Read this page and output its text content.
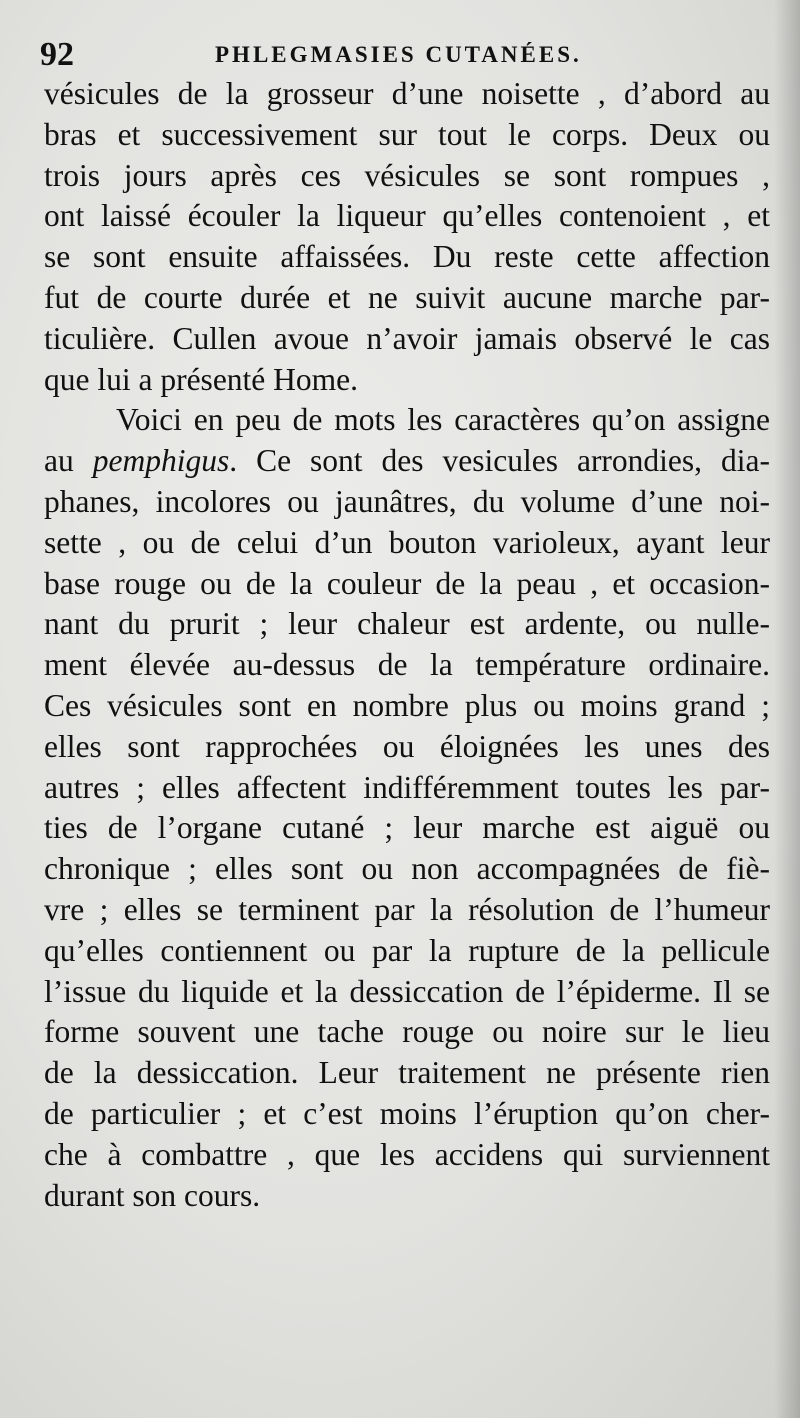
92	PHLEGMASIES CUTANÉES.
vésicules de la grosseur d’une noisette , d’abord au
bras et successivement sur tout le corps. Deux ou
trois jours après ces vésicules se sont rompues ,
ont laissé écouler la liqueur qu’elles contenoient , et
se sont ensuite affaissées. Du reste cette affection
fut de courte durée et ne suivit aucune marche par-
ticulière. Cullen avoue n’avoir jamais observé le cas
que lui a présenté Home.
Voici en peu de mots les caractères qu’on assigne
au pemphigus. Ce sont des vesicules arrondies, dia-
phanes, incolores ou jaunâtres, du volume d’une noi-
sette , ou de celui d’un bouton varioleux, ayant leur
base rouge ou de la couleur de la peau , et occasion-
nant du prurit ; leur chaleur est ardente, ou nulle-
ment élevée au-dessus de la température ordinaire.
Ces vésicules sont en nombre plus ou moins grand ;
elles sont rapprochées ou éloignées les unes des
autres ; elles affectent indifféremment toutes les par-
ties de l’organe cutané ; leur marche est aiguë ou
chronique ; elles sont ou non accompagnées de fiè-
vre ; elles se terminent par la résolution de l’humeur
qu’elles contiennent ou par la rupture de la pellicule
l’issue du liquide et la dessiccation de l’épiderme. Il se
forme souvent une tache rouge ou noire sur le lieu
de la dessiccation. Leur traitement ne présente rien
de particulier ; et c’est moins l’éruption qu’on cher-
che à combattre , que les accidens qui surviennent
durant son cours.
